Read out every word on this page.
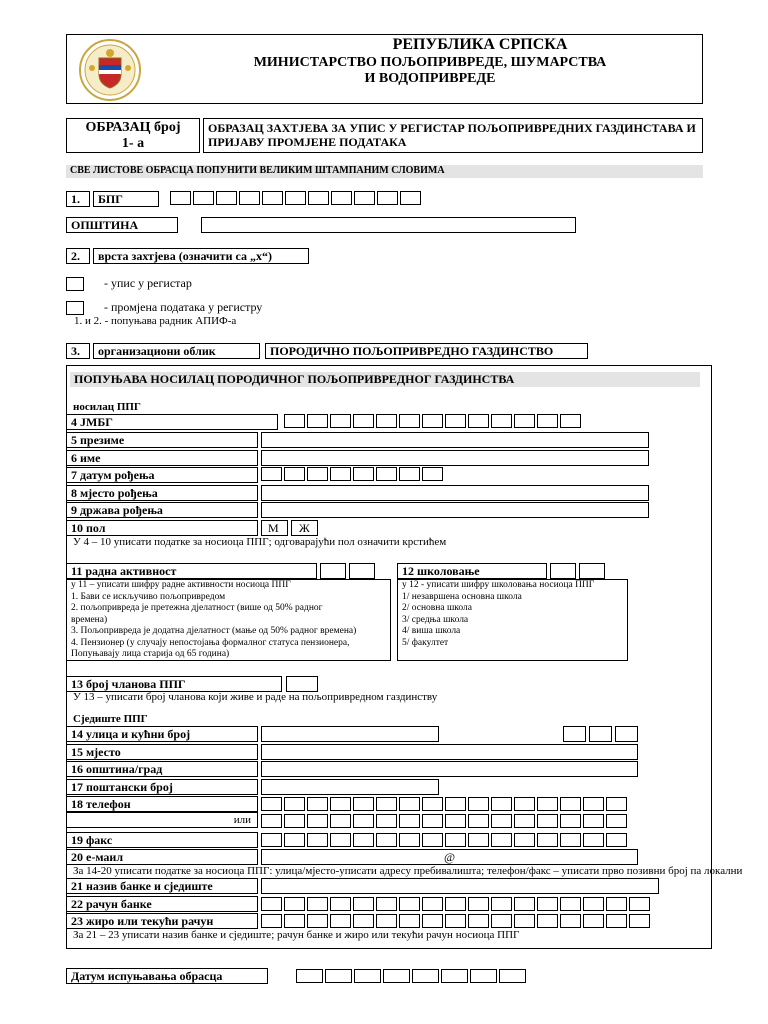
РЕПУБЛИКА СРПСКА
МИНИСТАРСТВО ПОЉОПРИВРЕДЕ, ШУМАРСТВА
И ВОДОПРИВРЕДЕ
ОБРАЗАЦ број
1- а
ОБРАЗАЦ ЗАХТЈЕВА ЗА УПИС У РЕГИСТАР ПОЉОПРИВРЕДНИХ ГАЗДИНСТАВА И ПРИЈАВУ ПРОМЈЕНЕ ПОДАТАКА
СВЕ ЛИСТОВЕ ОБРАСЦА ПОПУНИТИ ВЕЛИКИМ ШТАМПАНИМ СЛОВИМА
1.	БПГ
ОПШТИНА
2.	врста захтјева (означити са „х“)
- упис у регистар
- промјена података у регистру
1. и 2. - попуњава радник АПИФ-а
3.	организациони облик	ПОРОДИЧНО ПОЉОПРИВРЕДНО ГАЗДИНСТВО
ПОПУЊАВА НОСИЛАЦ ПОРОДИЧНОГ ПОЉОПРИВРЕДНОГ ГАЗДИНСТВА
носилац ППГ
4 ЈМБГ
5 презиме
6 име
7 датум рођења
8 мјесто рођења
9 држава рођења
10 пол	М	Ж
У 4 – 10 уписати податке за носиоца ППГ; одговарајући пол означити крстићем
11 радна активност	12 школовање
у 11 – уписати шифру радне активности носиоца ППГ
1. Бави се искључиво пољопривредом
2. пољопривреда је претежна дјелатност (више од 50% радног
времена)
3. Пољопривреда је додатна дјелатност (мање од 50% радног времена)
4. Пензионер (у случају непостојања формалног статуса пензионера,
Попуњавају лица старија од 65 година)
у 12 - уписати шифру школовања носиоца ППГ
1/ незавршена основна школа
2/ основна школа
3/ средња школа
4/ виша школа
5/ факултет
13 број чланова ППГ
У 13 – уписати број чланова који живе и раде на пољопривредном газдинству
Сједиште ППГ
14 улица и кућни број
15 мјесто
16 општина/град
17 поштански број
18 телефон
или
19 факс
20 е-маил	@
За 14-20 уписати податке за носиоца ППГ: улица/мјесто-уписати адресу пребивалишта; телефон/факс – уписати прво позивни број па локални
21 назив банке и сједиште
22 рачун банке
23 жиро или текући рачун
За 21 – 23 уписати назив банке и сједиште; рачун банке и жиро или текући рачун носиоца ППГ
Датум испуњавања обрасца
